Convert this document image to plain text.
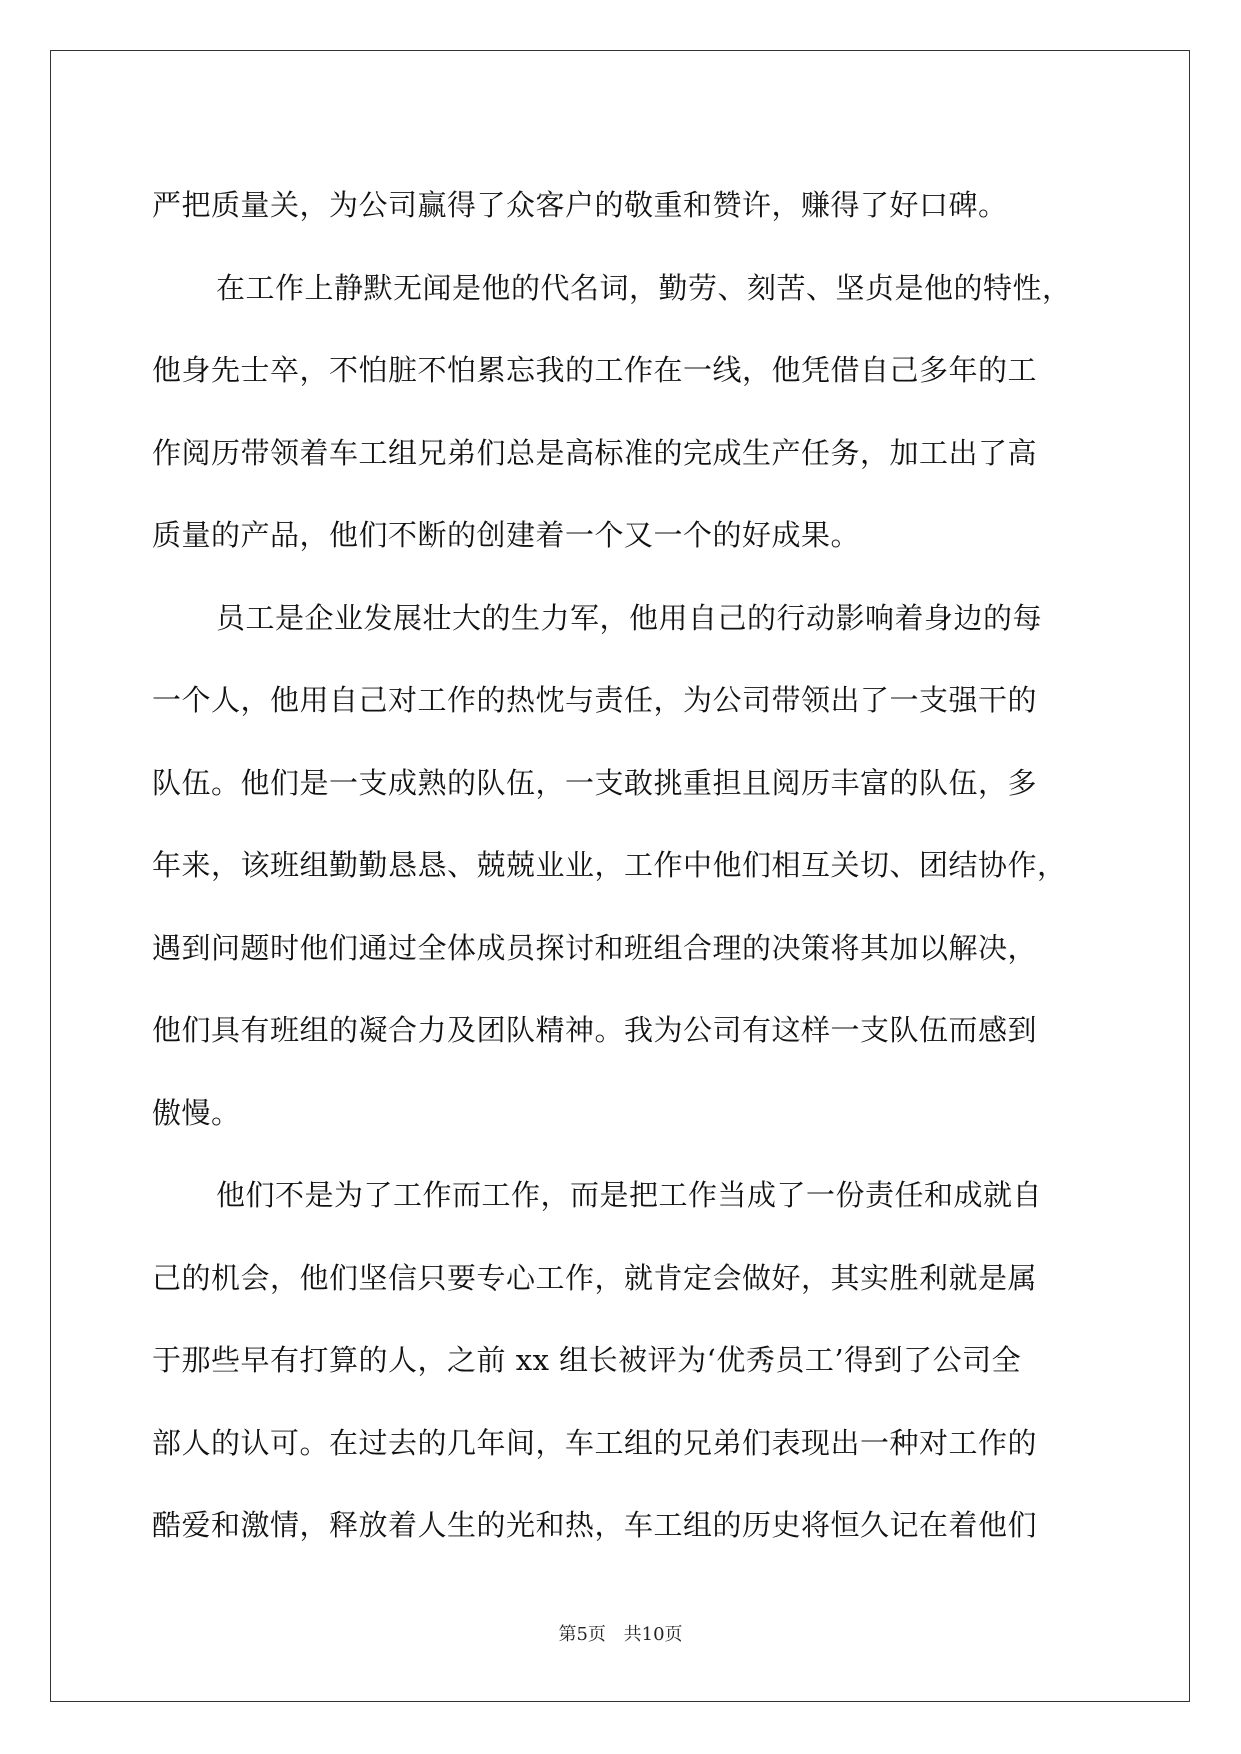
严把质量关，为公司赢得了众客户的敬重和赞许，赚得了好口碑。
在工作上静默无闻是他的代名词，勤劳、刻苦、坚贞是他的特性，
他身先士卒，不怕脏不怕累忘我的工作在一线，他凭借自己多年的工
作阅历带领着车工组兄弟们总是高标准的完成生产任务，加工出了高
质量的产品，他们不断的创建着一个又一个的好成果。
员工是企业发展壮大的生力军，他用自己的行动影响着身边的每
一个人，他用自己对工作的热忱与责任，为公司带领出了一支强干的
队伍。他们是一支成熟的队伍，一支敢挑重担且阅历丰富的队伍，多
年来，该班组勤勤恳恳、兢兢业业，工作中他们相互关切、团结协作，
遇到问题时他们通过全体成员探讨和班组合理的决策将其加以解决，
他们具有班组的凝合力及团队精神。我为公司有这样一支队伍而感到
傲慢。
他们不是为了工作而工作，而是把工作当成了一份责任和成就自
己的机会，他们坚信只要专心工作，就肯定会做好，其实胜利就是属
于那些早有打算的人，之前 xx 组长被评为‘优秀员工’得到了公司全
部人的认可。在过去的几年间，车工组的兄弟们表现出一种对工作的
酷爱和激情，释放着人生的光和热，车工组的历史将恒久记在着他们
第5页 共10页
